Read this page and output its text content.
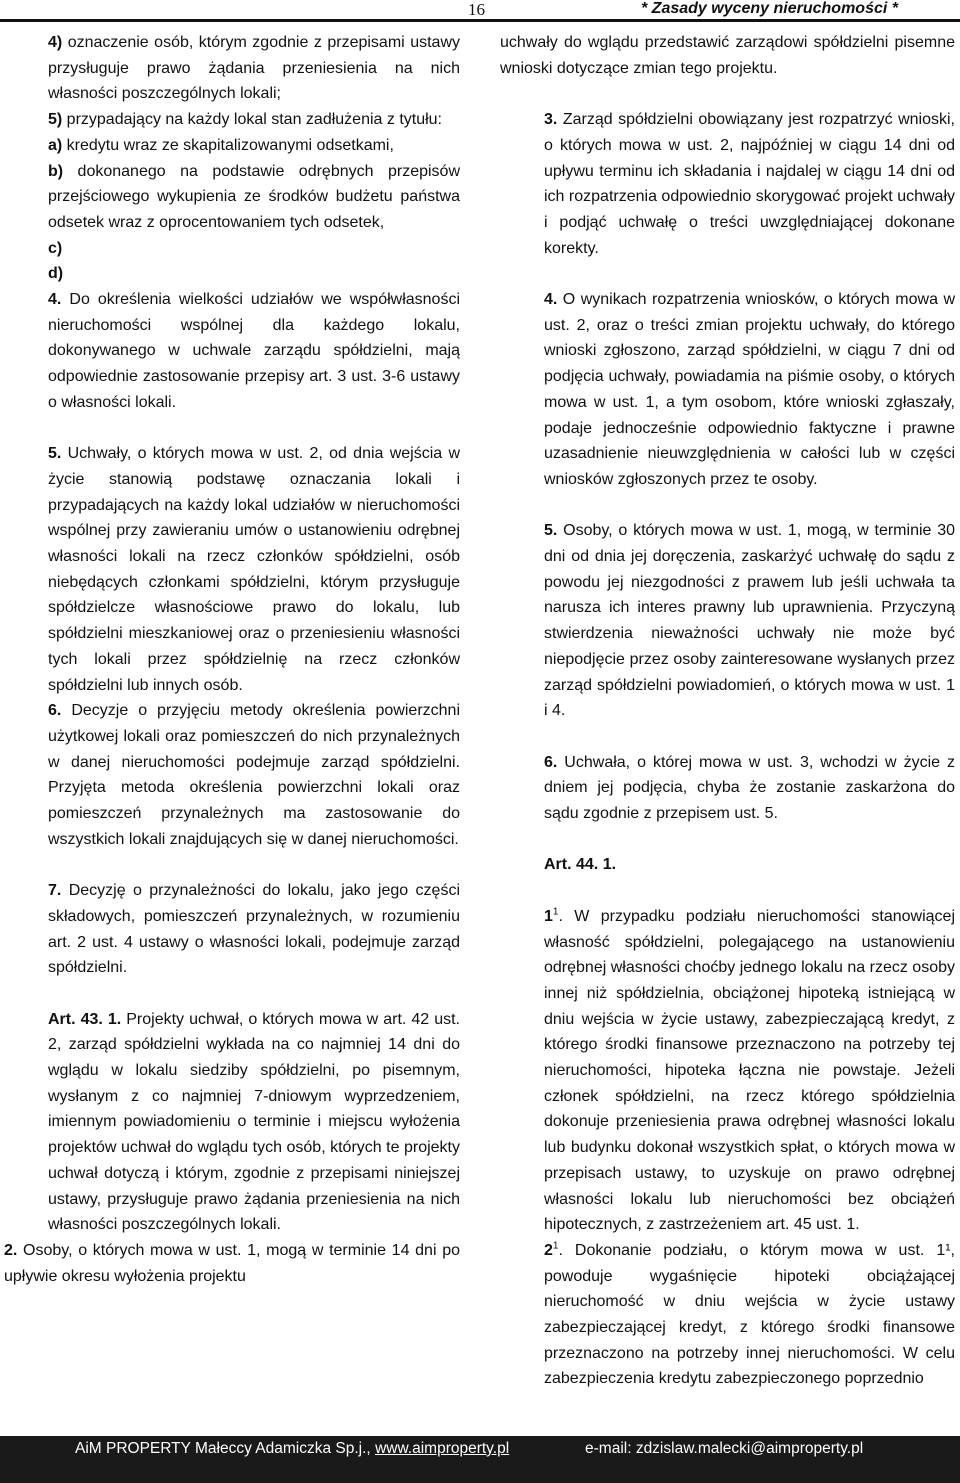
16	* Zasady wyceny nieruchomości *

4) oznaczenie osób, którym zgodnie z przepisami ustawy przysługuje prawo żądania przeniesienia na nich własności poszczególnych lokali;

5) przypadający na każdy lokal stan zadłużenia z tytułu:

a) kredytu wraz ze skapitalizowanymi odsetkami,

b) dokonanego na podstawie odrębnych przepisów przejściowego wykupienia ze środków budżetu państwa odsetek wraz z oprocentowaniem tych odsetek,

c)

d)

4. Do określenia wielkości udziałów we współwłasności nieruchomości wspólnej dla każdego lokalu, dokonywanego w uchwale zarządu spółdzielni, mają odpowiednie zastosowanie przepisy art. 3 ust. 3-6 ustawy o własności lokali.

5. Uchwały, o których mowa w ust. 2, od dnia wejścia w życie stanowią podstawę oznaczania lokali i przypadających na każdy lokal udziałów w nieruchomości wspólnej przy zawieraniu umów o ustanowieniu odrębnej własności lokali na rzecz członków spółdzielni, osób niebędących członkami spółdzielni, którym przysługuje spółdzielcze własnościowe prawo do lokalu, lub spółdzielni mieszkaniowej oraz o przeniesieniu własności tych lokali przez spółdzielnię na rzecz członków spółdzielni lub innych osób.

6. Decyzje o przyjęciu metody określenia powierzchni użytkowej lokali oraz pomieszczeń do nich przynależnych w danej nieruchomości podejmuje zarząd spółdzielni. Przyjęta metoda określenia powierzchni lokali oraz pomieszczeń przynależnych ma zastosowanie do wszystkich lokali znajdujących się w danej nieruchomości.

7. Decyzję o przynależności do lokalu, jako jego części składowych, pomieszczeń przynależnych, w rozumieniu art. 2 ust. 4 ustawy o własności lokali, podejmuje zarząd spółdzielni.

Art. 43. 1. Projekty uchwał, o których mowa w art. 42 ust. 2, zarząd spółdzielni wykłada na co najmniej 14 dni do wglądu w lokalu siedziby spółdzielni, po pisemnym, wysłanym z co najmniej 7-dniowym wyprzedzeniem, imiennym powiadomieniu o terminie i miejscu wyłożenia projektów uchwał do wglądu tych osób, których te projekty uchwał dotyczą i którym, zgodnie z przepisami niniejszej ustawy, przysługuje prawo żądania przeniesienia na nich własności poszczególnych lokali.

2. Osoby, o których mowa w ust. 1, mogą w terminie 14 dni po upływie okresu wyłożenia projektu

uchwały do wglądu przedstawić zarządowi spółdzielni pisemne wnioski dotyczące zmian tego projektu.

3. Zarząd spółdzielni obowiązany jest rozpatrzyć wnioski, o których mowa w ust. 2, najpóźniej w ciągu 14 dni od upływu terminu ich składania i najdalej w ciągu 14 dni od ich rozpatrzenia odpowiednio skorygować projekt uchwały i podjąć uchwałę o treści uwzględniającej dokonane korekty.

4. O wynikach rozpatrzenia wniosków, o których mowa w ust. 2, oraz o treści zmian projektu uchwały, do którego wnioski zgłoszono, zarząd spółdzielni, w ciągu 7 dni od podjęcia uchwały, powiadamia na piśmie osoby, o których mowa w ust. 1, a tym osobom, które wnioski zgłaszały, podaje jednocześnie odpowiednio faktyczne i prawne uzasadnienie nieuwzględnienia w całości lub w części wniosków zgłoszonych przez te osoby.

5. Osoby, o których mowa w ust. 1, mogą, w terminie 30 dni od dnia jej doręczenia, zaskarżyć uchwałę do sądu z powodu jej niezgodności z prawem lub jeśli uchwała ta narusza ich interes prawny lub uprawnienia. Przyczyną stwierdzenia nieważności uchwały nie może być niepodjęcie przez osoby zainteresowane wysłanych przez zarząd spółdzielni powiadomień, o których mowa w ust. 1 i 4.

6. Uchwała, o której mowa w ust. 3, wchodzi w życie z dniem jej podjęcia, chyba że zostanie zaskarżona do sądu zgodnie z przepisem ust. 5.

Art. 44. 1.

$1^1$. W przypadku podziału nieruchomości stanowiącej własność spółdzielni, polegającego na ustanowieniu odrębnej własności choćby jednego lokalu na rzecz osoby innej niż spółdzielnia, obciążonej hipoteką istniejącą w dniu wejścia w życie ustawy, zabezpieczającą kredyt, z którego środki finansowe przeznaczono na potrzeby tej nieruchomości, hipoteka łączna nie powstaje. Jeżeli członek spółdzielni, na rzecz którego spółdzielnia dokonuje przeniesienia prawa odrębnej własności lokalu lub budynku dokonał wszystkich spłat, o których mowa w przepisach ustawy, to uzyskuje on prawo odrębnej własności lokalu lub nieruchomości bez obciążeń hipotecznych, z zastrzeżeniem art. 45 ust. 1.

$2^1$. Dokonanie podziału, o którym mowa w ust. 1¹, powoduje wygaśnięcie hipoteki obciążającej nieruchomość w dniu wejścia w życie ustawy zabezpieczającej kredyt, z którego środki finansowe przeznaczono na potrzeby innej nieruchomości. W celu zabezpieczenia kredytu zabezpieczonego poprzednio

AiM PROPERTY Małeccy Adamiczka Sp.j., www.aimproperty.pl	e-mail: zdzislaw.malecki@aimproperty.pl
